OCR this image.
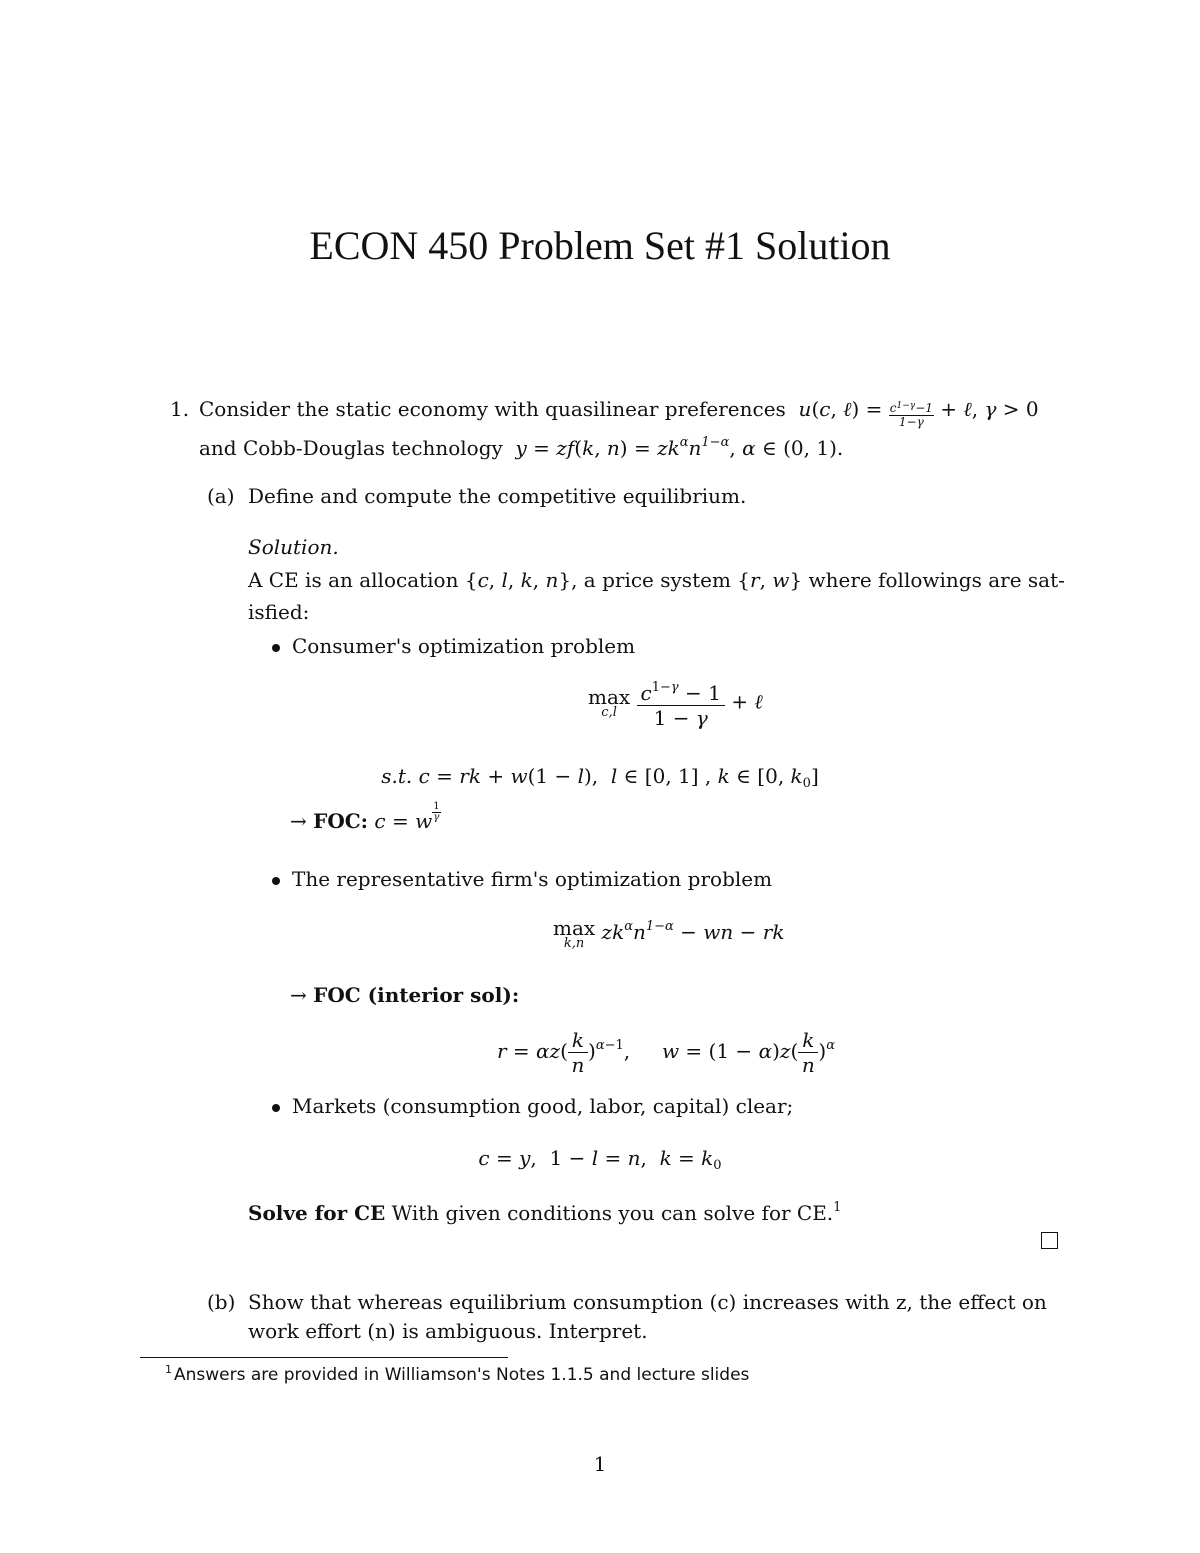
ECON 450 Problem Set #1 Solution
1. Consider the static economy with quasilinear preferences  u(c, ℓ) = $\frac{c^{1-\gamma}-1}{1-\gamma}$ + ℓ, γ > 0
and Cobb-Douglas technology  y = zf(k, $n) = zk^\alpha n^{1-\alpha}$, α ∈ (0, 1).
(a) Define and compute the competitive equilibrium.
Solution.
A CE is an allocation {c, l, k, n}, a price system {r, w} where followings are sat-
isfied:
Consumer's optimization problem
max
c,l
$\frac{c^{1-\gamma} - 1}{1 - \gamma}$ + ℓ
s.t. c = rk + w(1 − l),  l ∈ [0, 1] , k ∈ [0, $k_0$]
→ FOC: c = w $\frac{1}{\gamma}$
The representative firm's optimization problem
max
k,n $zk^\alpha n^{1-\alpha}$ − wn − rk
→ FOC (interior sol):
$r = \alpha z( \frac{k}{n} )^{\alpha-1}$,     $w = (1 - \alpha)z( \frac{k}{n} )^\alpha$
Markets (consumption good, labor, capital) clear;
c = y,  1 − l = n,  $k = k_0$
Solve for CE With given conditions you can solve for CE.$^1$
(b) Show that whereas equilibrium consumption (c) increases with z, the effect on
work effort (n) is ambiguous. Interpret.
$^1$ Answers are provided in Williamson's Notes 1.1.5 and lecture slides
1
